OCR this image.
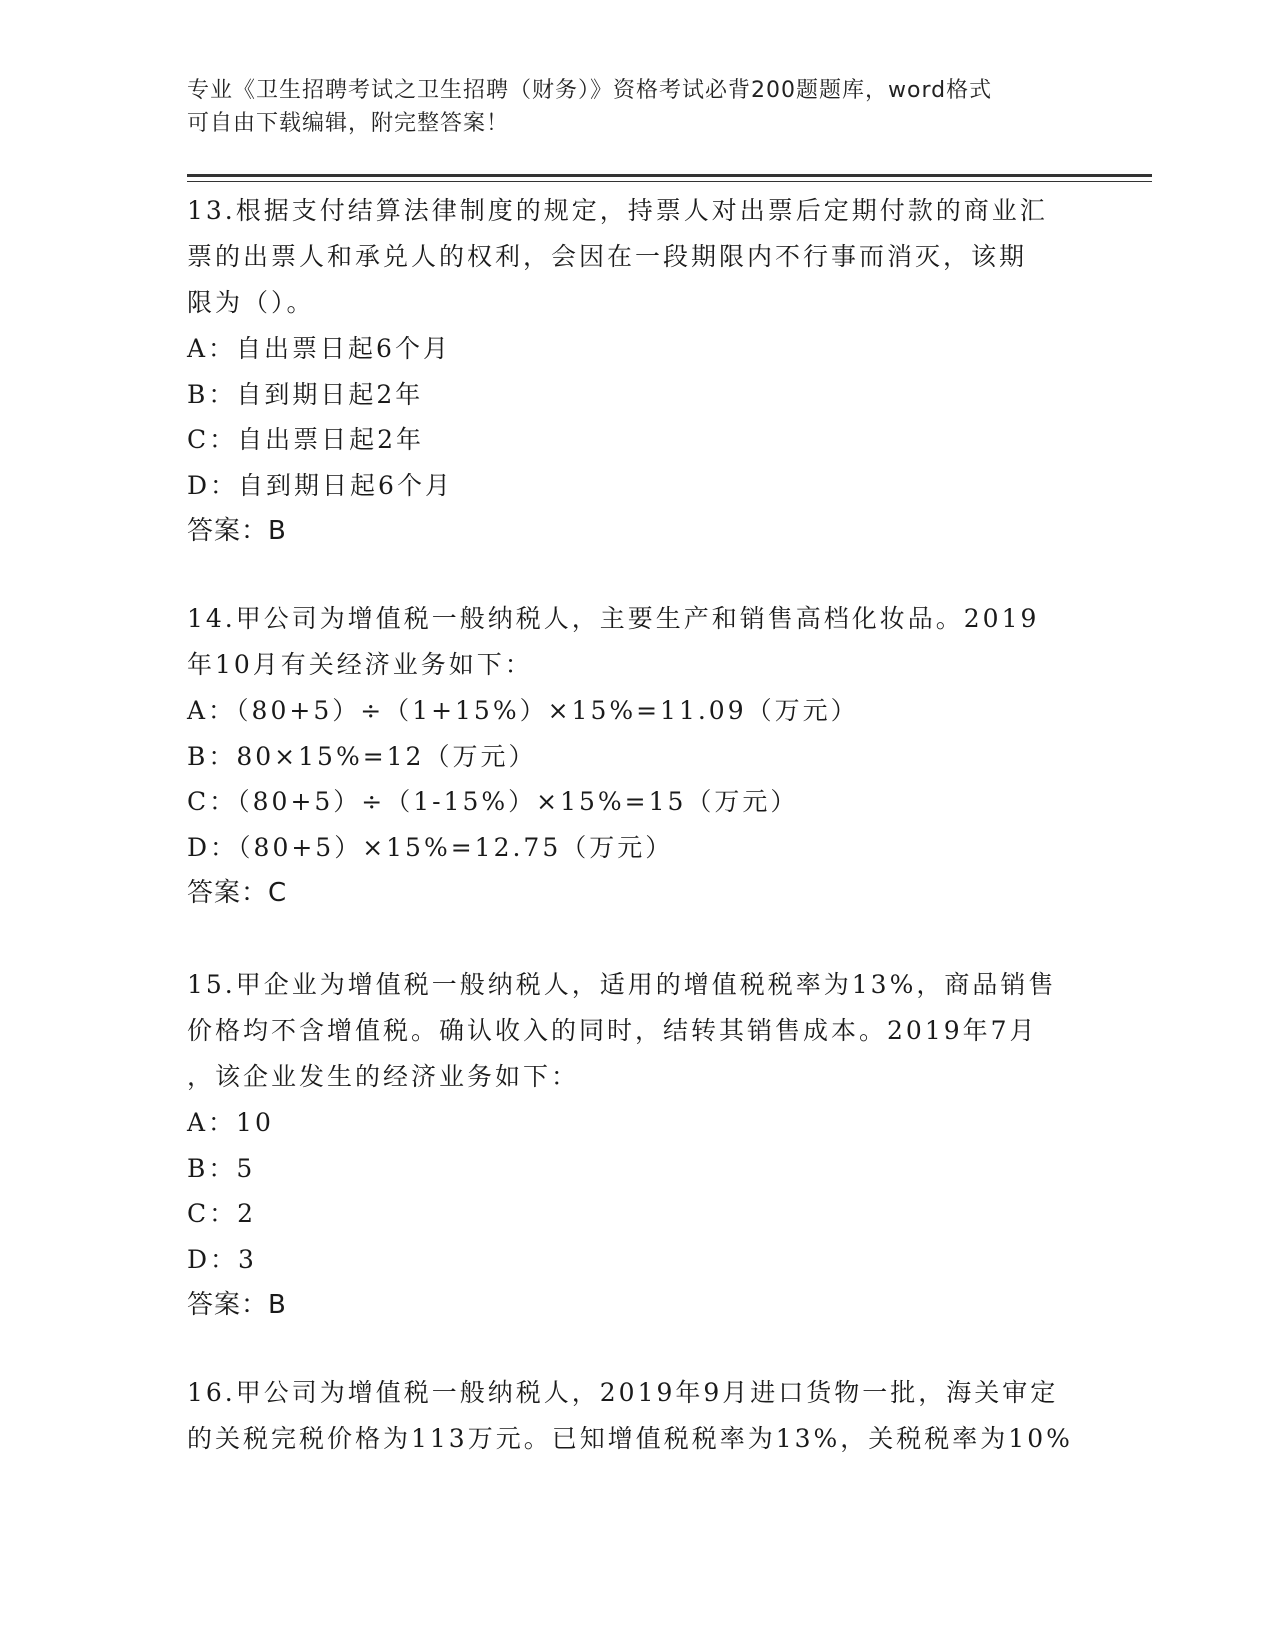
专业《卫生招聘考试之卫生招聘（财务）》资格考试必背200题题库，word格式
可自由下载编辑，附完整答案！
13.根据支付结算法律制度的规定，持票人对出票后定期付款的商业汇
票的出票人和承兑人的权利，会因在一段期限内不行事而消灭，该期
限为（）。
A：自出票日起6个月
B：自到期日起2年
C：自出票日起2年
D：自到期日起6个月
答案：B
14.甲公司为增值税一般纳税人，主要生产和销售高档化妆品。2019
年10月有关经济业务如下：
A：（80+5）÷（1+15%）×15%=11.09（万元）
B：80×15%=12（万元）
C：（80+5）÷（1-15%）×15%=15（万元）
D：（80+5）×15%=12.75（万元）
答案：C
15.甲企业为增值税一般纳税人，适用的增值税税率为13%，商品销售
价格均不含增值税。确认收入的同时，结转其销售成本。2019年7月
，该企业发生的经济业务如下：
A：10
B：5
C：2
D：3
答案：B
16.甲公司为增值税一般纳税人，2019年9月进口货物一批，海关审定
的关税完税价格为113万元。已知增值税税率为13%，关税税率为10%
